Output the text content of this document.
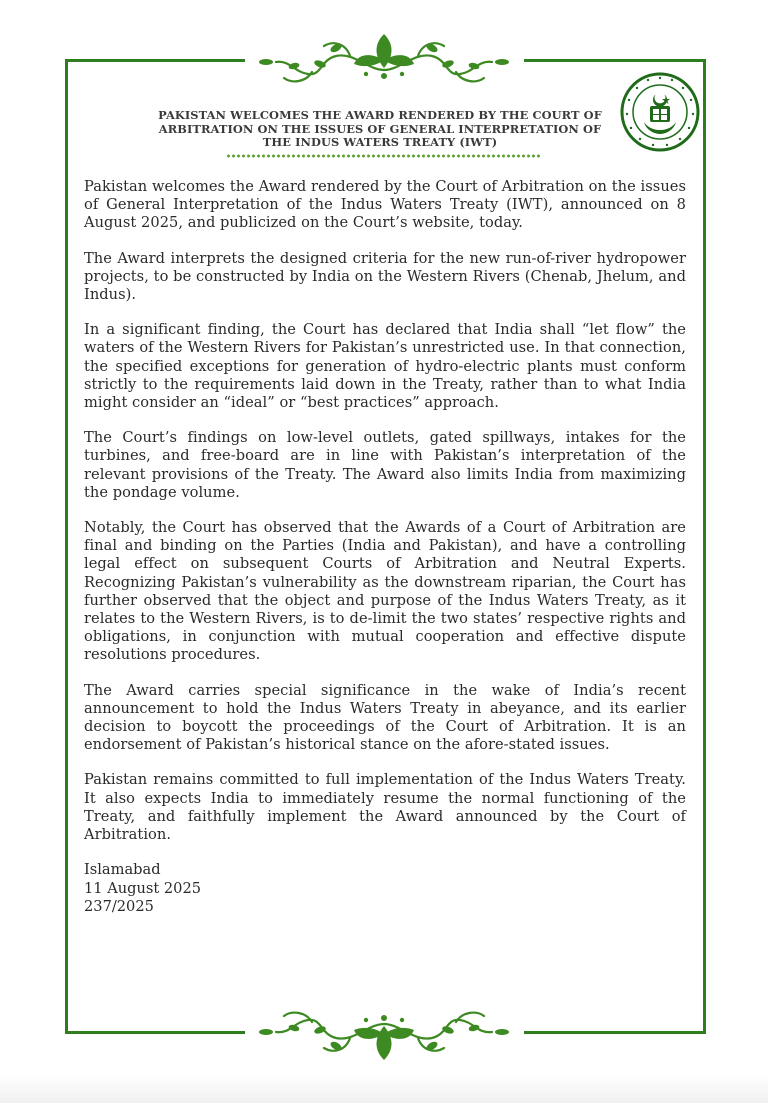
PAKISTAN WELCOMES THE AWARD RENDERED BY THE COURT OF
ARBITRATION ON THE ISSUES OF GENERAL INTERPRETATION OF
THE INDUS WATERS TREATY (IWT)

Pakistan welcomes the Award rendered by the Court of Arbitration on the issues of General Interpretation of the Indus Waters Treaty (IWT), announced on 8 August 2025, and publicized on the Court’s website, today.

The Award interprets the designed criteria for the new run-of-river hydropower projects, to be constructed by India on the Western Rivers (Chenab, Jhelum, and Indus).

In a significant finding, the Court has declared that India shall “let flow” the waters of the Western Rivers for Pakistan’s unrestricted use. In that connection, the specified exceptions for generation of hydro-electric plants must conform strictly to the requirements laid down in the Treaty, rather than to what India might consider an “ideal” or “best practices” approach.

The Court’s findings on low-level outlets, gated spillways, intakes for the turbines, and free-board are in line with Pakistan’s interpretation of the relevant provisions of the Treaty. The Award also limits India from maximizing the pondage volume.

Notably, the Court has observed that the Awards of a Court of Arbitration are final and binding on the Parties (India and Pakistan), and have a controlling legal effect on subsequent Courts of Arbitration and Neutral Experts. Recognizing Pakistan’s vulnerability as the downstream riparian, the Court has further observed that the object and purpose of the Indus Waters Treaty, as it relates to the Western Rivers, is to de-limit the two states’ respective rights and obligations, in conjunction with mutual cooperation and effective dispute resolutions procedures.

The Award carries special significance in the wake of India’s recent announcement to hold the Indus Waters Treaty in abeyance, and its earlier decision to boycott the proceedings of the Court of Arbitration. It is an endorsement of Pakistan’s historical stance on the afore-stated issues.

Pakistan remains committed to full implementation of the Indus Waters Treaty. It also expects India to immediately resume the normal functioning of the Treaty, and faithfully implement the Award announced by the Court of Arbitration.

Islamabad
11 August 2025
237/2025
